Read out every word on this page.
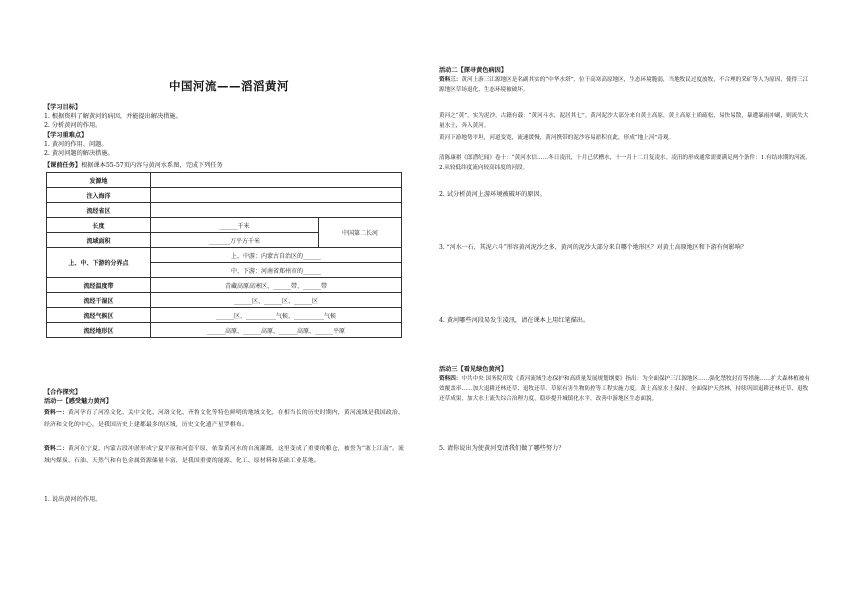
中国河流——滔滔黄河
【学习目标】
1. 根据资料了解黄河的病因，并能提出解决措施。
2. 分析黄河的作用。
【学习重难点】
1. 黄河的作用、问题。
2. 黄河问题的解决措施。
【课前任务】根据课本55-57页内容与黄河水系图，完成下列任务
发源地		
注入海洋		
流经省区		
长度	______千米	中国第二长河
流域面积	_______万平方千米	
上、中、下游的分界点	上、中游：内蒙古自治区的______	
	中、下游：河南省郑州市的______	
流经温度带	青藏高原高寒区、______带、______带	
流经干湿区	______区、______区、______区	
流经气候区	______区、__________气候、__________气候	
流经地形区	______高原、______高原、______高原、______平原	
【合作探究】
活动一【感受魅力黄河】
资料一：黄河孕育了河湟文化、关中文化、河洛文化、齐鲁文化等特色鲜明的地域文化，在相当长的历史时期内，黄河流域是我国政治、经济和文化的中心，是我国历史上建都最多的区域，历史文化遗产星罗棋布。
资料二：黄河在宁夏、内蒙古段冲淤形成宁夏平原和河套平原，依靠黄河水的自流灌溉，这里变成了重要的粮仓，被誉为“塞上江南”。流域内煤炭、石油、天然气和有色金属资源储量丰富，是我国重要的能源、化工、原材料和基础工业基地。
1. 说出黄河的作用。
活动二【探寻黄色病因】
资料三：黄河上游三江源地区是名副其实的“中华水塔”，位于高寒高原地区，生态环境脆弱，当地牧民过度放牧，不合理的采矿等人为原因，使得三江源地区草场退化、生态环境被破坏。
黄河之“黄”，实为泥沙，古籍有载：“黄河斗水，泥居其七”。黄河泥沙大部分来自黄土高原，黄土高原土质疏松，易快易散，暴遭暴雨冲刷，则流失大量水土，奔入黄河。
黄河下游地势平坦，河道变宽，流速缓慢，黄河携带的泥沙容易淤积在此，形成“地上河”奇观。
清陈康祺《郎潜纪闻》卷十：“黄河水信……冬日凌汛，十月已伏槽水，十一月十二月复凌水。凌汛的形成通常需要满足两个条件：1.有结冰期的河流。2.从较低纬度流向较高纬度的河段。
2. 试分析黄河上游环境被破坏的原因。
3. “河水一石，其泥六斗”形容黄河泥沙之多，黄河的泥沙大部分来自哪个地形区？对黄土高原地区和下游有何影响？
4. 黄河哪些河段易发生凌汛，请在课本上用红笔描出。
活动三【看见绿色黄河】
资料四：中共中央 国务院印发《黄河流域生态保护和高质量发展规划纲要》指出：为全面保护三江源地区……强化禁牧封育等措施……扩大森林植被有效覆盖率……加大退耕还林还草、退牧还草、草原有害生物防控等工程实施力度。黄土高原水土保持，全面保护天然林，持续巩固退耕还林还草、退牧还草成果，加大水土流失综合治理力度，稳步提升城镇化水平，改善中游地区生态面貌。
5. 请你说出为使黄河变清我们做了哪些努力？
